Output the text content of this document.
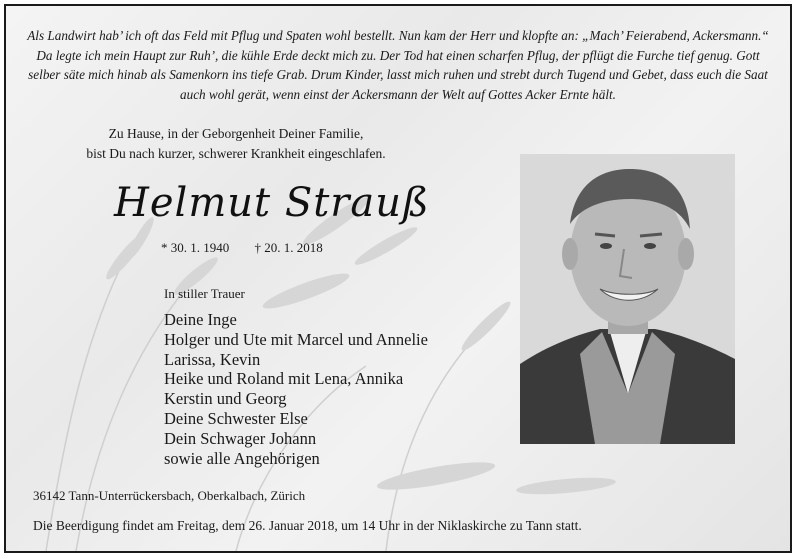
Als Landwirt hab’ ich oft das Feld mit Pflug und Spaten wohl bestellt. Nun kam der Herr und klopfte an: „Mach’ Feierabend, Ackersmann.“ Da legte ich mein Haupt zur Ruh’, die kühle Erde deckt mich zu. Der Tod hat einen scharfen Pflug, der pflügt die Furche tief genug. Gott selber säte mich hinab als Samenkorn ins tiefe Grab. Drum Kinder, lasst mich ruhen und strebt durch Tugend und Gebet, dass euch die Saat auch wohl gerät, wenn einst der Ackersmann der Welt auf Gottes Acker Ernte hält.
Zu Hause, in der Geborgenheit Deiner Familie,
bist Du nach kurzer, schwerer Krankheit eingeschlafen.
Helmut Strauß
* 30. 1. 1940 † 20. 1. 2018
In stiller Trauer
Deine Inge
Holger und Ute mit Marcel und Annelie
Larissa, Kevin
Heike und Roland mit Lena, Annika
Kerstin und Georg
Deine Schwester Else
Dein Schwager Johann
sowie alle Angehörigen
36142 Tann-Unterrückersbach, Oberkalbach, Zürich
Die Beerdigung findet am Freitag, dem 26. Januar 2018, um 14 Uhr in der Niklaskirche zu Tann statt.
